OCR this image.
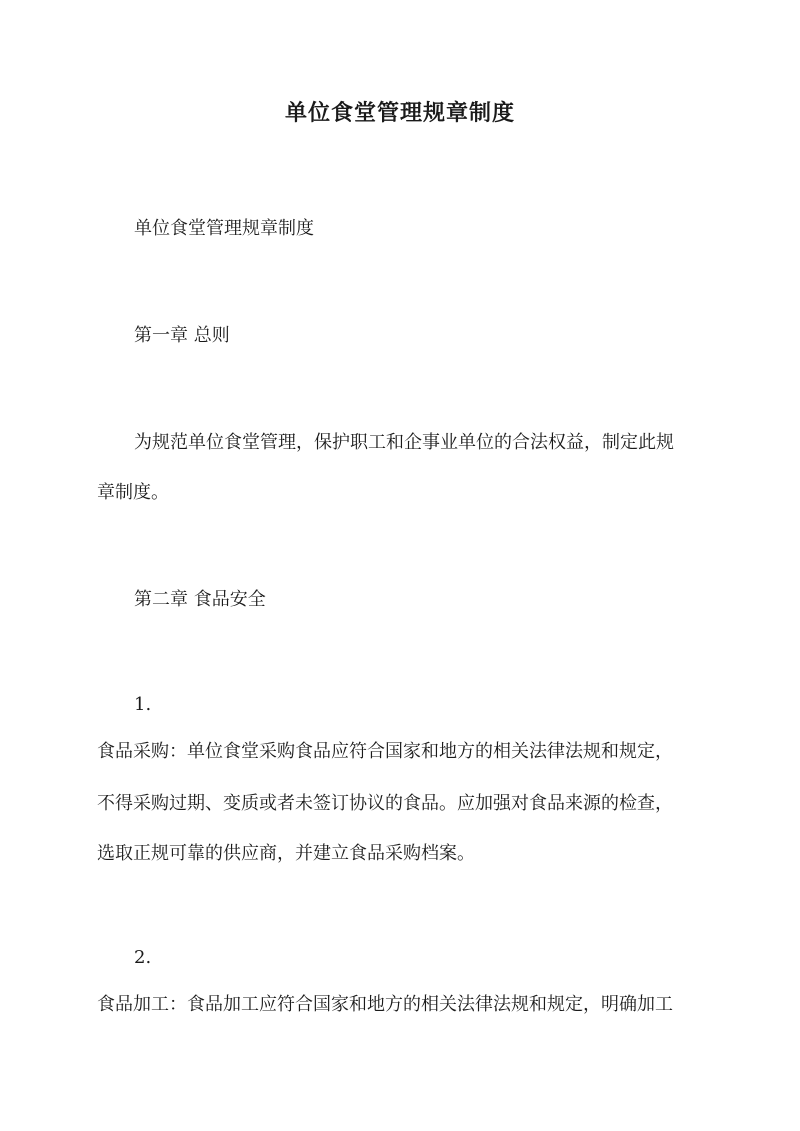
单位食堂管理规章制度
单位食堂管理规章制度
第一章 总则
为规范单位食堂管理，保护职工和企事业单位的合法权益，制定此规
章制度。
第二章 食品安全
1.
食品采购：单位食堂采购食品应符合国家和地方的相关法律法规和规定，
不得采购过期、变质或者未签订协议的食品。应加强对食品来源的检查，
选取正规可靠的供应商，并建立食品采购档案。
2.
食品加工：食品加工应符合国家和地方的相关法律法规和规定，明确加工
